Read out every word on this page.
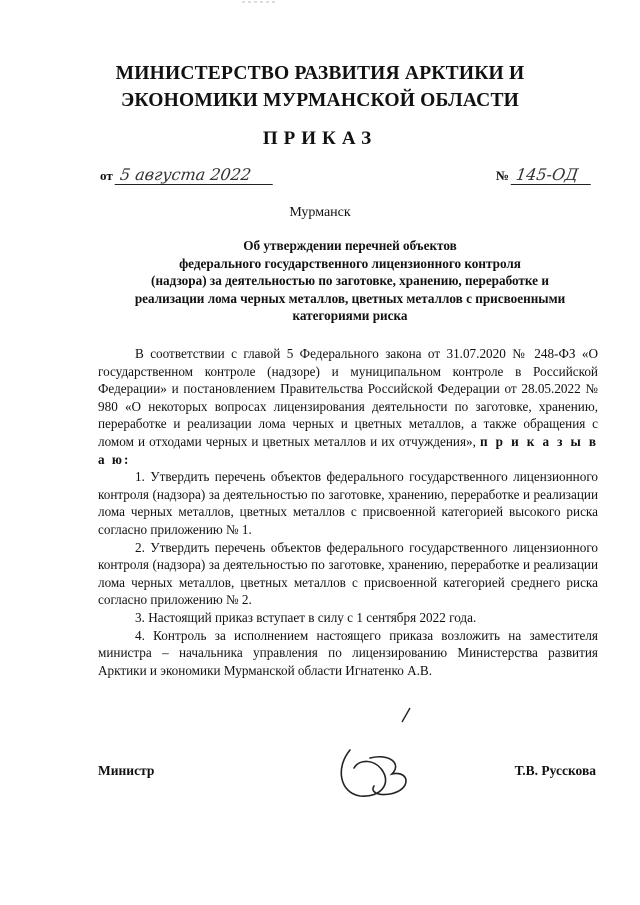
МИНИСТЕРСТВО РАЗВИТИЯ АРКТИКИ И
ЭКОНОМИКИ МУРМАНСКОЙ ОБЛАСТИ
ПРИКАЗ
от 5 августа 2022	№ 145-ОД
Мурманск
Об утверждении перечней объектов
федерального государственного лицензионного контроля
(надзора) за деятельностью по заготовке, хранению, переработке и
реализации лома черных металлов, цветных металлов с присвоенными
категориями риска

В соответствии с главой 5 Федерального закона от 31.07.2020 № 248-ФЗ «О государственном контроле (надзоре) и муниципальном контроле в Российской Федерации» и постановлением Правительства Российской Федерации от 28.05.2022 № 980 «О некоторых вопросах лицензирования деятельности по заготовке, хранению, переработке и реализации лома черных и цветных металлов, а также обращения с ломом и отходами черных и цветных металлов и их отчуждения», п р и к а з ы в а ю:

1. Утвердить перечень объектов федерального государственного лицензионного контроля (надзора) за деятельностью по заготовке, хранению, переработке и реализации лома черных металлов, цветных металлов с присвоенной категорией высокого риска согласно приложению № 1.

2. Утвердить перечень объектов федерального государственного лицензионного контроля (надзора) за деятельностью по заготовке, хранению, переработке и реализации лома черных металлов, цветных металлов с присвоенной категорией среднего риска согласно приложению № 2.

3. Настоящий приказ вступает в силу с 1 сентября 2022 года.

4. Контроль за исполнением настоящего приказа возложить на заместителя министра – начальника управления по лицензированию Министерства развития Арктики и экономики Мурманской области Игнатенко А.В.

Министр	Т.В. Русскова
